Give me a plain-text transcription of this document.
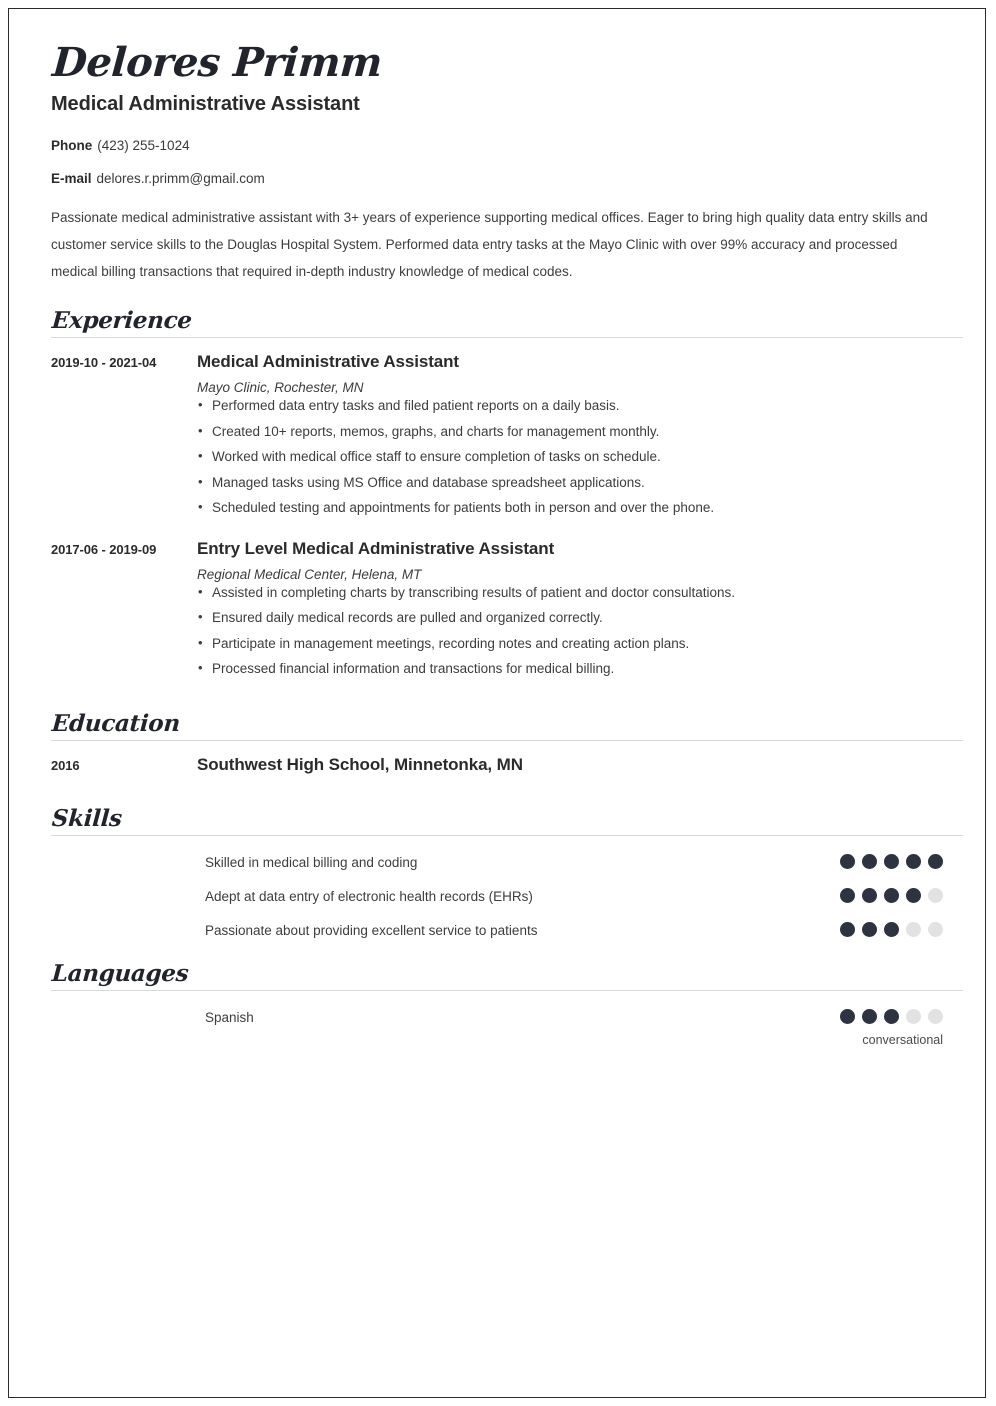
Delores Primm
Medical Administrative Assistant
Phone (423) 255-1024
E-mail delores.r.primm@gmail.com

Passionate medical administrative assistant with 3+ years of experience supporting medical offices. Eager to bring high quality data entry skills and customer service skills to the Douglas Hospital System. Performed data entry tasks at the Mayo Clinic with over 99% accuracy and processed medical billing transactions that required in-depth industry knowledge of medical codes.

Experience
2019-10 - 2021-04	Medical Administrative Assistant
Mayo Clinic, Rochester, MN
• Performed data entry tasks and filed patient reports on a daily basis.
• Created 10+ reports, memos, graphs, and charts for management monthly.
• Worked with medical office staff to ensure completion of tasks on schedule.
• Managed tasks using MS Office and database spreadsheet applications.
• Scheduled testing and appointments for patients both in person and over the phone.
2017-06 - 2019-09	Entry Level Medical Administrative Assistant
Regional Medical Center, Helena, MT
• Assisted in completing charts by transcribing results of patient and doctor consultations.
• Ensured daily medical records are pulled and organized correctly.
• Participate in management meetings, recording notes and creating action plans.
• Processed financial information and transactions for medical billing.
Education
2016	Southwest High School, Minnetonka, MN
Skills
Skilled in medical billing and coding
Adept at data entry of electronic health records (EHRs)
Passionate about providing excellent service to patients
Languages
Spanish
conversational
